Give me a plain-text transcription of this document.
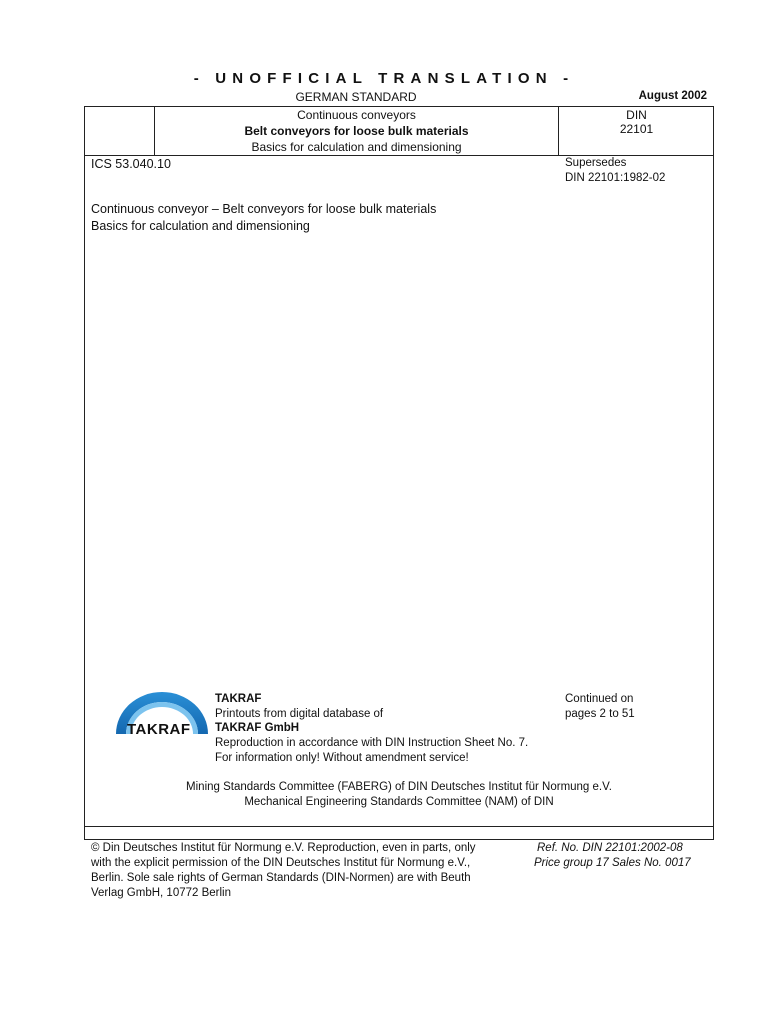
- UNOFFICIAL TRANSLATION -
GERMAN STANDARD	August 2002
Continuous conveyors
Belt conveyors for loose bulk materials
Basics for calculation and dimensioning
DIN
22101
ICS 53.040.10	Supersedes
DIN 22101:1982-02
Continuous conveyor – Belt conveyors for loose bulk materials
Basics for calculation and dimensioning
TAKRAF
TAKRAF
Printouts from digital database of
TAKRAF GmbH
Reproduction in accordance with DIN Instruction Sheet No. 7.
For information only! Without amendment service!
Continued on
pages 2 to 51
Mining Standards Committee (FABERG) of DIN Deutsches Institut für Normung e.V.
Mechanical Engineering Standards Committee (NAM) of DIN
© Din Deutsches Institut für Normung e.V. Reproduction, even in parts, only
with the explicit permission of the DIN Deutsches Institut für Normung e.V.,
Berlin. Sole sale rights of German Standards (DIN-Normen) are with Beuth
Verlag GmbH, 10772 Berlin
Ref. No. DIN 22101:2002-08
Price group 17 Sales No. 0017
